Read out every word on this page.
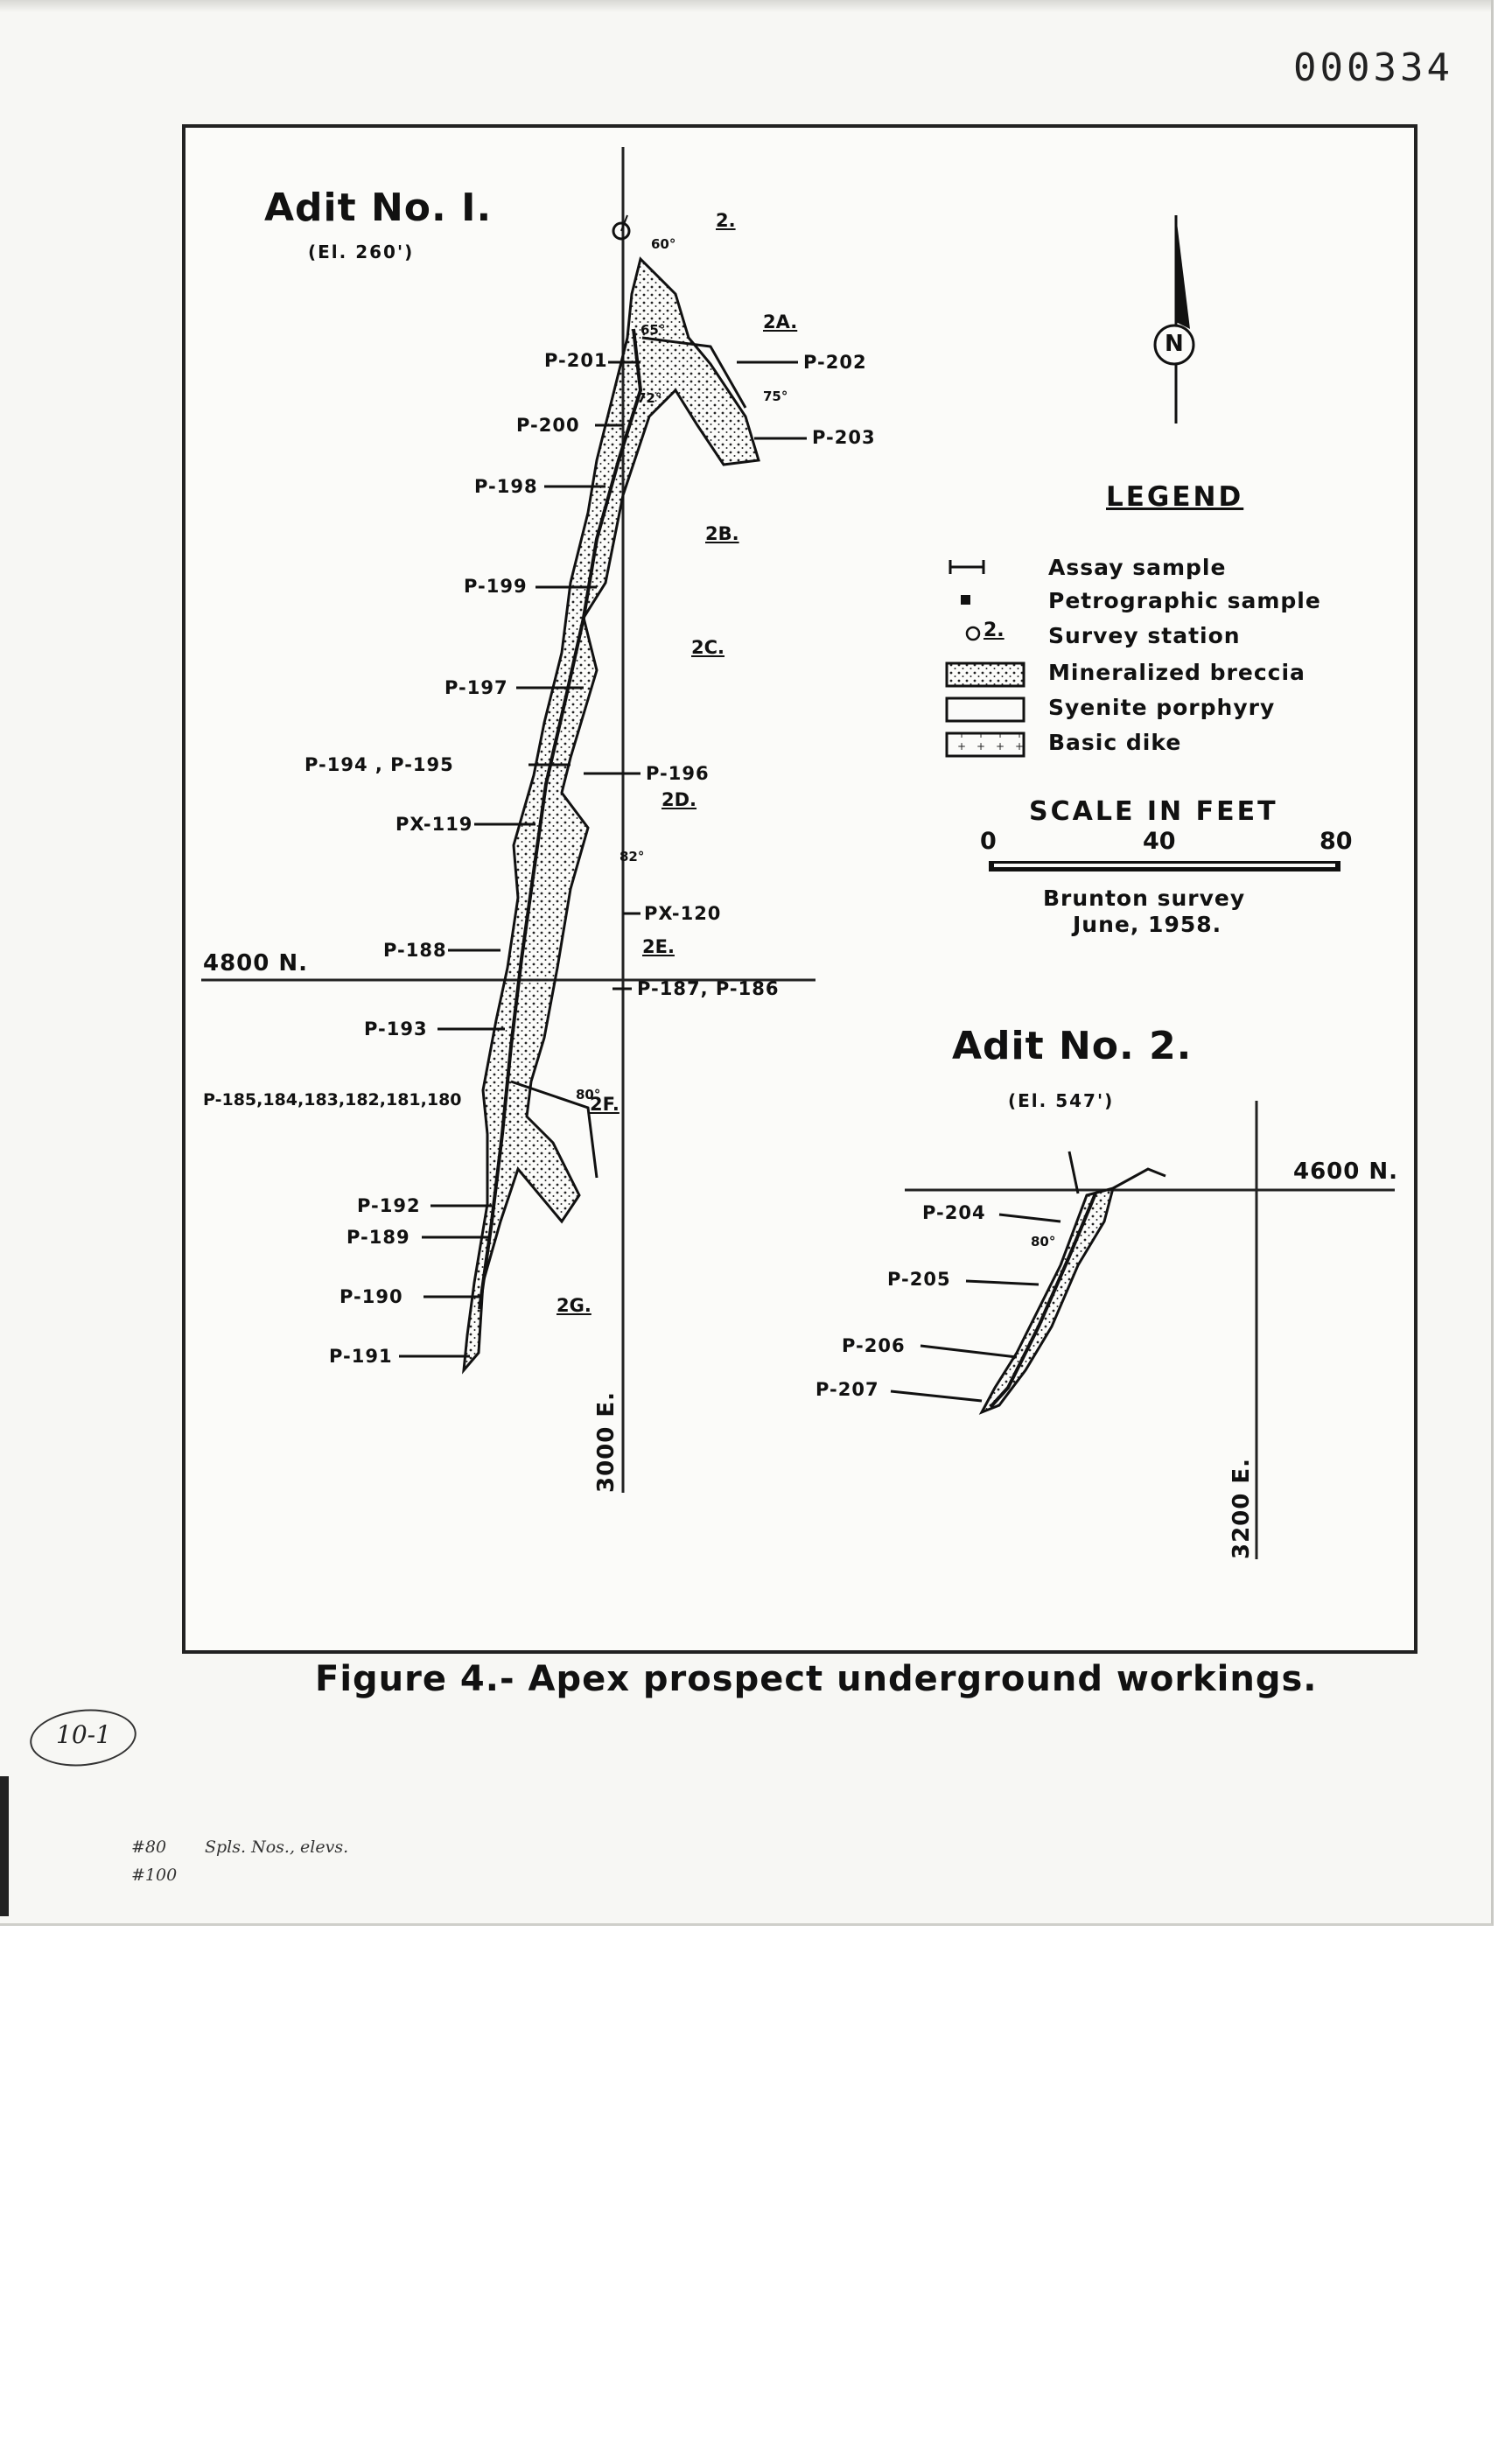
000334
Adit No. I.
(El. 260')
Adit No. 2.
(El. 547')
N
4800 N.
4600 N.
3000 E.
3200 E.
2.
2A.
2B.
2C.
2D.
2E.
2F.
2G.
60°
65°
72°	75°
82°
80°
80°
P-201	P-202
P-203
P-200
P-198
P-199
P-197
P-194 , P-195	P-196
PX-119
PX-120
P-188
P-187, P-186
P-193
P-185,184,183,182,181,180
P-192
P-189
P-190
P-191
P-204
P-205
P-206
P-207
LEGEND
Assay sample
Petrographic sample
2. Survey station
Mineralized breccia
Syenite porphyry
Basic dike
SCALE IN FEET
0	40	80
Brunton survey
June, 1958.
Figure 4.- Apex prospect underground workings.
10-1
#80
#100
Spls. Nos., elevs.
